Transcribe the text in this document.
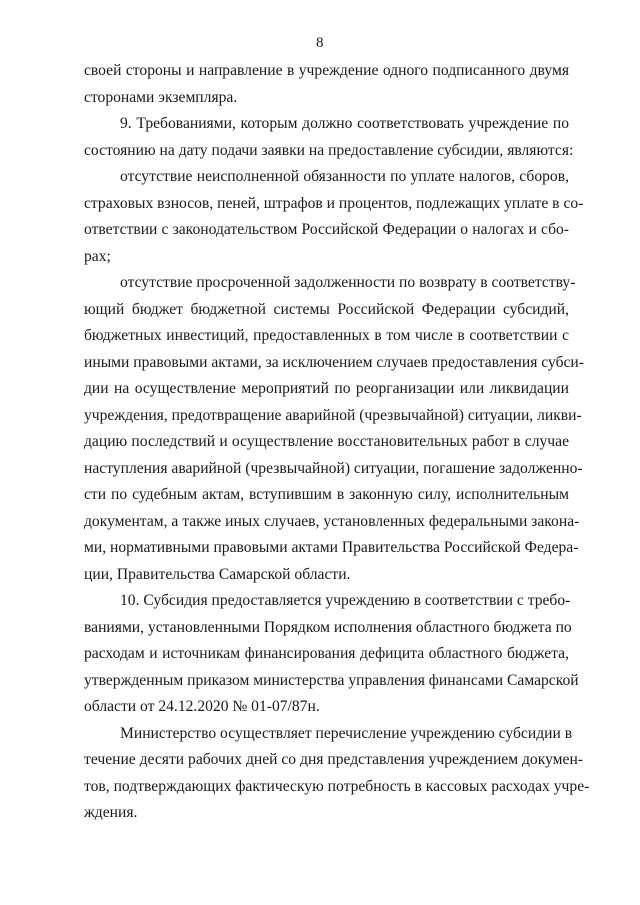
8
своей стороны и направление в учреждение одного подписанного двумя
сторонами экземпляра.
9. Требованиями, которым должно соответствовать учреждение по
состоянию на дату подачи заявки на предоставление субсидии, являются:
отсутствие неисполненной обязанности по уплате налогов, сборов,
страховых взносов, пеней, штрафов и процентов, подлежащих уплате в со-
ответствии с законодательством Российской Федерации о налогах и сбо-
рах;
отсутствие просроченной задолженности по возврату в соответству-
ющий бюджет бюджетной системы Российской Федерации субсидий,
бюджетных инвестиций, предоставленных в том числе в соответствии с
иными правовыми актами, за исключением случаев предоставления субси-
дии на осуществление мероприятий по реорганизации или ликвидации
учреждения, предотвращение аварийной (чрезвычайной) ситуации, ликви-
дацию последствий и осуществление восстановительных работ в случае
наступления аварийной (чрезвычайной) ситуации, погашение задолженно-
сти по судебным актам, вступившим в законную силу, исполнительным
документам, а также иных случаев, установленных федеральными закона-
ми, нормативными правовыми актами Правительства Российской Федера-
ции, Правительства Самарской области.
10. Субсидия предоставляется учреждению в соответствии с требо-
ваниями, установленными Порядком исполнения областного бюджета по
расходам и источникам финансирования дефицита областного бюджета,
утвержденным приказом министерства управления финансами Самарской
области от 24.12.2020 № 01-07/87н.
Министерство осуществляет перечисление учреждению субсидии в
течение десяти рабочих дней со дня представления учреждением докумен-
тов, подтверждающих фактическую потребность в кассовых расходах учре-
ждения.
